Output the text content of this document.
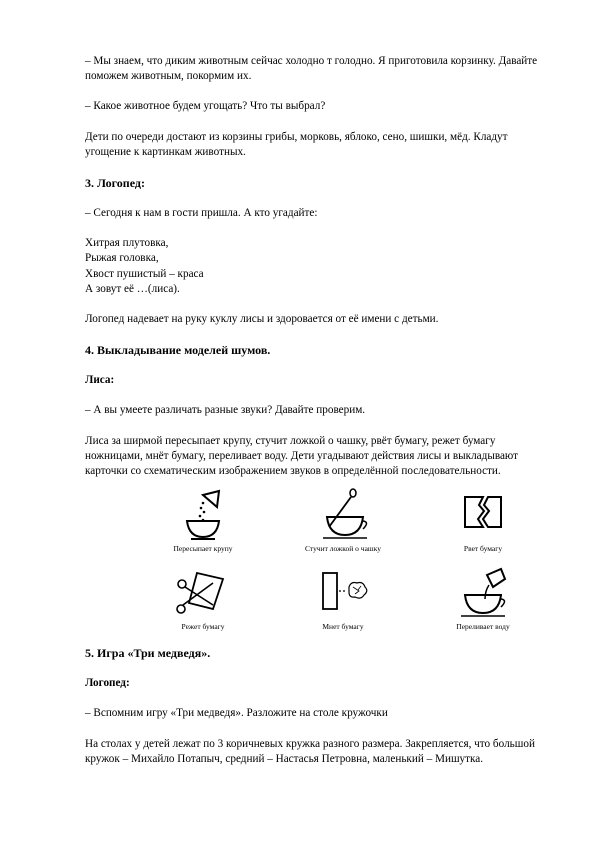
– Мы знаем, что диким животным сейчас холодно т голодно. Я приготовила корзинку. Давайте поможем животным, покормим их.

– Какое животное будем угощать? Что ты выбрал?

Дети по очереди достают из корзины грибы, морковь, яблоко, сено, шишки, мёд. Кладут угощение к картинкам животных.

3. Логопед:

– Сегодня к нам в гости пришла. А кто угадайте:

Хитрая плутовка,

Рыжая головка,

Хвост пушистый – краса

А зовут её …(лиса).

Логопед надевает на руку куклу лисы и здоровается от её имени с детьми.

4. Выкладывание моделей шумов.

Лиса:

– А вы умеете различать разные звуки? Давайте проверим.

Лиса за ширмой пересыпает крупу, стучит ложкой о чашку, рвёт бумагу, режет бумагу ножницами, мнёт бумагу, переливает воду. Дети угадывают действия лисы и выкладывают карточки со схематическим изображением звуков в определённой последовательности.

Пересыпает крупу	Стучит ложкой о чашку	Рвет бумагу
Режет бумагу	Мнет бумагу	Переливает воду
5. Игра «Три медведя».

Логопед:

– Вспомним игру «Три медведя». Разложите на столе кружочки

На столах у детей лежат по 3 коричневых кружка разного размера. Закрепляется, что большой кружок – Михайло Потапыч, средний – Настасья Петровна, маленький – Мишутка.
